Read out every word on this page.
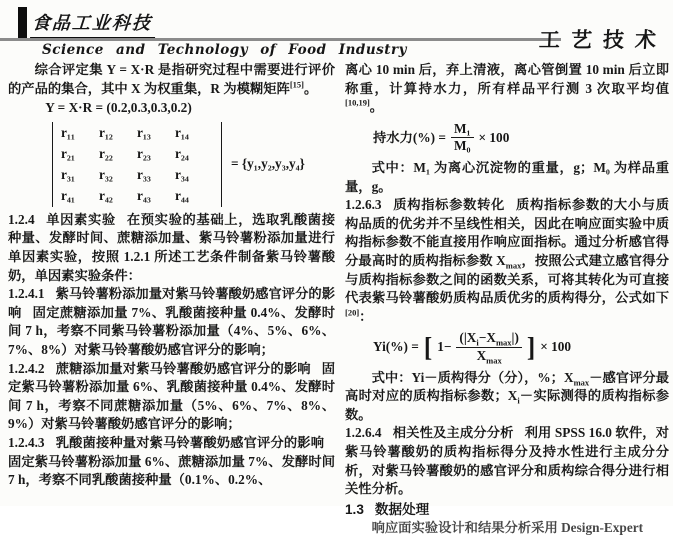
食品工业科技
Science and Technology of Food Industry	工艺技术

综合评定集 Y = X·R 是指研究过程中需要进行评价的产品的集合，其中 X 为权重集，R 为模糊矩阵[15]。

Y = X·R = (0.2,0.3,0.3,0.2)

r₁₁	r₁₂	r₁₃	r₁₄
r₂₁	r₂₂	r₂₃	r₂₄
r₃₁	r₃₂	r₃₃	r₃₄
r₄₁	r₄₂	r₄₃	r₄₄
= {y₁,y₂,y₃,y₄}

1.2.4 单因素实验 在预实验的基础上，选取乳酸菌接种量、发酵时间、蔗糖添加量、紫马铃薯粉添加量进行单因素实验，按照 1.2.1 所述工艺条件制备紫马铃薯酸奶，单因素实验条件：

1.2.4.1 紫马铃薯粉添加量对紫马铃薯酸奶感官评分的影响 固定蔗糖添加量 7%、乳酸菌接种量 0.4%、发酵时间 7 h，考察不同紫马铃薯粉添加量（4%、5%、6%、7%、8%）对紫马铃薯酸奶感官评分的影响；

1.2.4.2 蔗糖添加量对紫马铃薯酸奶感官评分的影响 固定紫马铃薯粉添加量 6%、乳酸菌接种量 0.4%、发酵时间 7 h，考察不同蔗糖添加量（5%、6%、7%、8%、9%）对紫马铃薯酸奶感官评分的影响；

1.2.4.3 乳酸菌接种量对紫马铃薯酸奶感官评分的影响固定紫马铃薯粉添加量 6%、蔗糖添加量 7%、发酵时间 7 h，考察不同乳酸菌接种量（0.1%、0.2%、

离心 10 min 后，弃上清液，离心管倒置 10 min 后立即称重，计算持水力，所有样品平行测 3 次取平均值[10,19]。

持水力(%) = $\frac{\text{M₁}}{\text{M₀}} \times 100$

式中：M₁ 为离心沉淀物的重量，g；M₀ 为样品重量，g。

1.2.6.3 质构指标参数转化 质构指标参数的大小与质构品质的优劣并不呈线性相关，因此在响应面实验中质构指标参数不能直接用作响应面指标。通过分析感官得分最高时的质构指标参数 $X_{max}$，按照公式建立感官得分与质构指标参数之间的函数关系，可将其转化为可直接代表紫马铃薯酸奶质构品质优劣的质构得分，公式如下[20]：

Yi(%) = [ $1- \frac{(|X_i-X_{max}|)}{X_{max}}$ ] × 100

式中：Yi－质构得分（分），%；$X_{max}-$感官评分最高时对应的质构指标参数；$X_i-$实际测得的质构指标参数。

1.2.6.4 相关性及主成分分析 利用 SPSS 16.0 软件，对紫马铃薯酸奶的质构指标得分及持水性进行主成分分析，对紫马铃薯酸奶的感官评分和质构综合得分进行相关性分析。

1.3 数据处理

响应面实验设计和结果分析采用 Design-Expert
